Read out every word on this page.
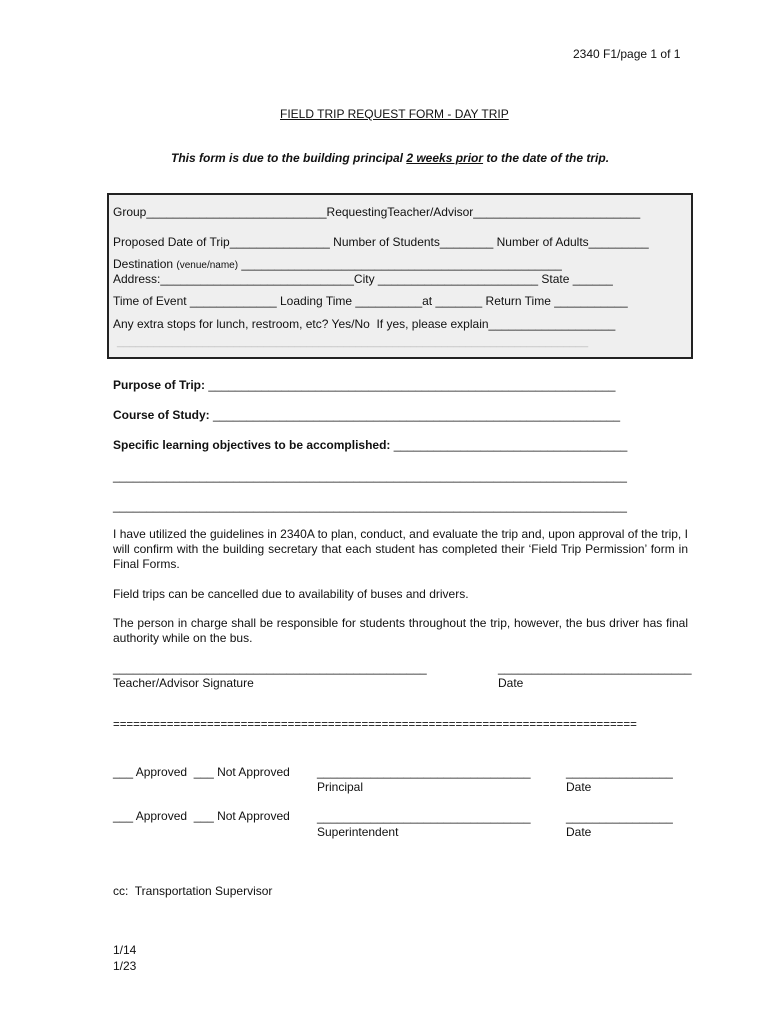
2340 F1/page 1 of 1
FIELD TRIP REQUEST FORM - DAY TRIP
This form is due to the building principal 2 weeks prior to the date of the trip.
Group___________________________RequestingTeacher/Advisor_________________________
Proposed Date of Trip_______________ Number of Students________ Number of Adults_________
Destination (venue/name) ________________________________________________
Address:_____________________________City ________________________ State ______
Time of Event _____________ Loading Time __________at _______ Return Time ___________
Any extra stops for lunch, restroom, etc? Yes/No  If yes, please explain___________________
_____________________________________________________________________________
Purpose of Trip: _____________________________________________________________
Course of Study: _____________________________________________________________
Specific learning objectives to be accomplished: ___________________________________
_____________________________________________________________________________
_____________________________________________________________________________
I have utilized the guidelines in 2340A to plan, conduct, and evaluate the trip and, upon approval of the trip, I will confirm with the building secretary that each student has completed their ‘Field Trip Permission’ form in Final Forms.
Field trips can be cancelled due to availability of buses and drivers.
The person in charge shall be responsible for students throughout the trip, however, the bus driver has final authority while on the bus.
_______________________________________________
Teacher/Advisor Signature
_____________________________
Date
==============================================================================
___ Approved  ___ Not Approved ________________________________
Principal
________________
Date
___ Approved  ___ Not Approved ________________________________
Superintendent
________________
Date
cc:  Transportation Supervisor
1/14
1/23
